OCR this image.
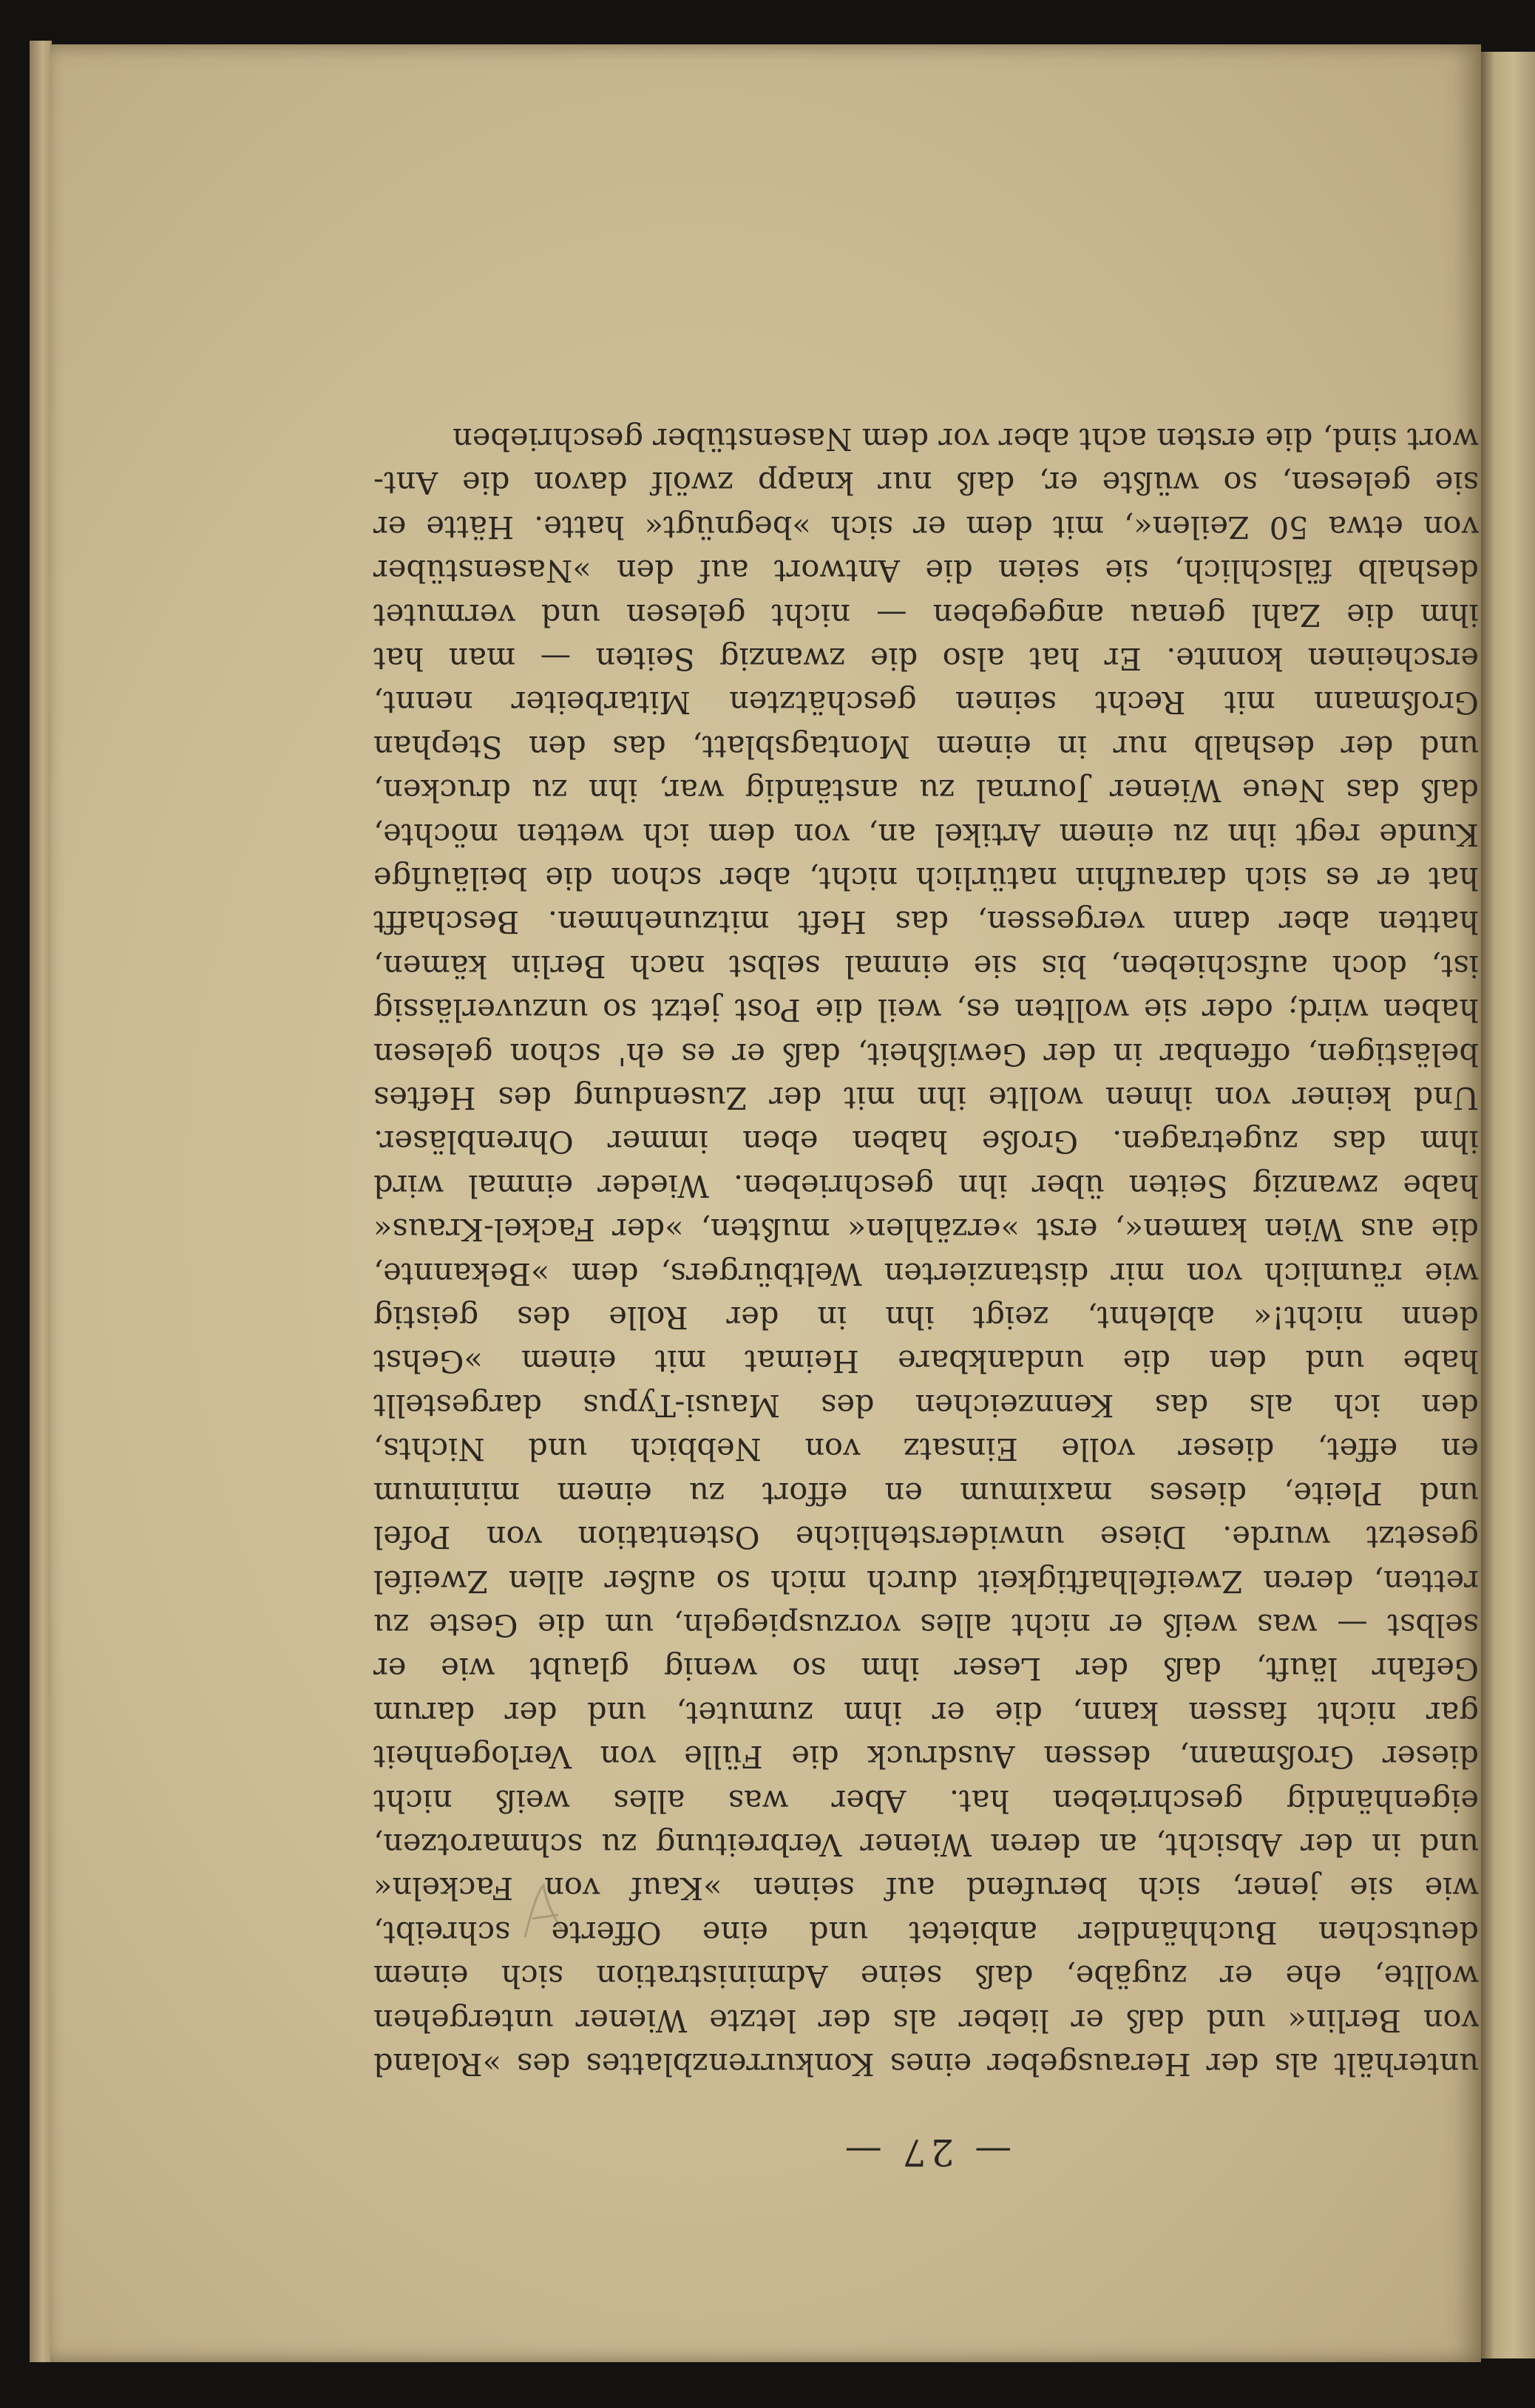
— 27 —
unterhält als der Herausgeber eines Konkurrenzblattes des »Roland
von Berlin« und daß er lieber als der letzte Wiener untergehen
wollte, ehe er zugäbe, daß seine Administration sich einem
deutschen Buchhändler anbietet und eine Offerte schreibt,
wie sie jener, sich berufend auf seinen »Kauf von Fackeln«
und in der Absicht, an deren Wiener Verbreitung zu schmarotzen,
eigenhändig geschrieben hat. Aber was alles weiß nicht
dieser Großmann, dessen Ausdruck die Fülle von Verlogenheit
gar nicht fassen kann, die er ihm zumutet, und der darum
Gefahr läuft, daß der Leser ihm so wenig glaubt wie er
selbst — was weiß er nicht alles vorzuspiegeln, um die Geste zu
retten, deren Zweifelhaftigkeit durch mich so außer allen Zweifel
gesetzt wurde. Diese unwiderstehliche Ostentation von Pofel
und Pleite, dieses maximum en effort zu einem minimum
en effet, dieser volle Einsatz von Nebbich und Nichts,
den ich als das Kennzeichen des Mausi-Typus dargestellt
habe und den die undankbare Heimat mit einem »Gehst
denn nicht!« ablehnt, zeigt ihn in der Rolle des geistig
wie räumlich von mir distanzierten Weltbürgers, dem »Bekannte,
die aus Wien kamen«, erst »erzählen« mußten, »der Fackel-Kraus«
habe zwanzig Seiten über ihn geschrieben. Wieder einmal wird
ihm das zugetragen. Große haben eben immer Ohrenbläser.
Und keiner von ihnen wollte ihn mit der Zusendung des Heftes
belästigen, offenbar in der Gewißheit, daß er es eh' schon gelesen
haben wird; oder sie wollten es, weil die Post jetzt so unzuverlässig
ist, doch aufschieben, bis sie einmal selbst nach Berlin kämen,
hatten aber dann vergessen, das Heft mitzunehmen. Beschafft
hat er es sich daraufhin natürlich nicht, aber schon die beiläufige
Kunde regt ihn zu einem Artikel an, von dem ich wetten möchte,
daß das Neue Wiener Journal zu anständig war, ihn zu drucken,
und der deshalb nur in einem Montagsblatt, das den Stephan
Großmann mit Recht seinen geschätzten Mitarbeiter nennt,
erscheinen konnte. Er hat also die zwanzig Seiten — man hat
ihm die Zahl genau angegeben — nicht gelesen und vermutet
deshalb fälschlich, sie seien die Antwort auf den »Nasenstüber
von etwa 50 Zeilen«, mit dem er sich »begnügt« hatte. Hätte er
sie gelesen, so wüßte er, daß nur knapp zwölf davon die Ant-
wort sind, die ersten acht aber vor dem Nasenstüber geschrieben
